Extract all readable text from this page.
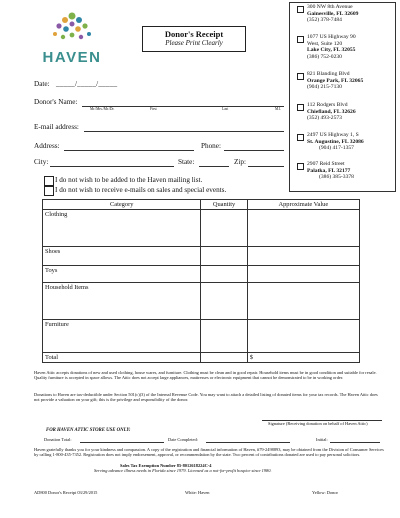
HAVEN
Donor's Receipt
Please Print Clearly
300 NW 8th Avenue
Gainesville, FL 32609
(352) 378-7484
1077 US Highway 90
West, Suite 120
Lake City, FL 32055
(386) 752-0230
821 Blanding Blvd
Orange Park, FL 32065
(904) 215-7130
112 Rodgers Blvd
Chiefland, FL 32626
(352) 493-2573
2497 US Highway 1, S
St. Augustine, FL 32086
(904) 417-1357
2907 Reid Street
Palatka, FL 32177
(386) 385-3378
Date: _____/_____/_____
Donor's Name:
Mr./Mrs./Mr./Dr.	First	Last	M.I.
E-mail address:
Address:	Phone:
City:	State:	Zip:
I do not wish to be added to the Haven mailing list.
I do not wish to receive e-mails on sales and special events.
Category	Quantity	Approximate Value
Clothing		
Shoes		
Toys		
Household Items		
Furniture		
Total		$
Haven Attic accepts donations of new and used clothing, house wares, and furniture. Clothing must be clean and in good repair. Household items must be in good condition and suitable for resale. Quality furniture is accepted in space allows. The Attic does not accept large appliances, mattresses or electronic equipment that cannot be demonstrated to be in working order.
Donations to Haven are tax-deductible under Section 501(c)(3) of the Internal Revenue Code. You may want to attach a detailed listing of donated items for your tax records. The Haven Attic does not provide a valuation on your gift; this is the privilege and responsibility of the donor.
Signature (Receiving donation on behalf of Haven Attic)
FOR HAVEN ATTIC STORE USE ONLY:
Donation Total:	Date Completed:	Initial:
Haven gratefully thanks you for your kindness and compassion. A copy of the registration and financial information of Haven, #79-2498893, may be obtained from the Division of Consumer Services by calling 1-800-435-7352. Registration does not imply endorsement, approval, or recommendation by the state. Two percent of contributions donated are used to pay personal solicitors.
Sales Tax Exemption Number 85-8012618224C-4
Serving advance illness needs in Florida since 1979. Licensed as a not-for-profit hospice since 1980.
AD800 Donor's Receipt 03/29/2015	White: Haven	Yellow: Donor
